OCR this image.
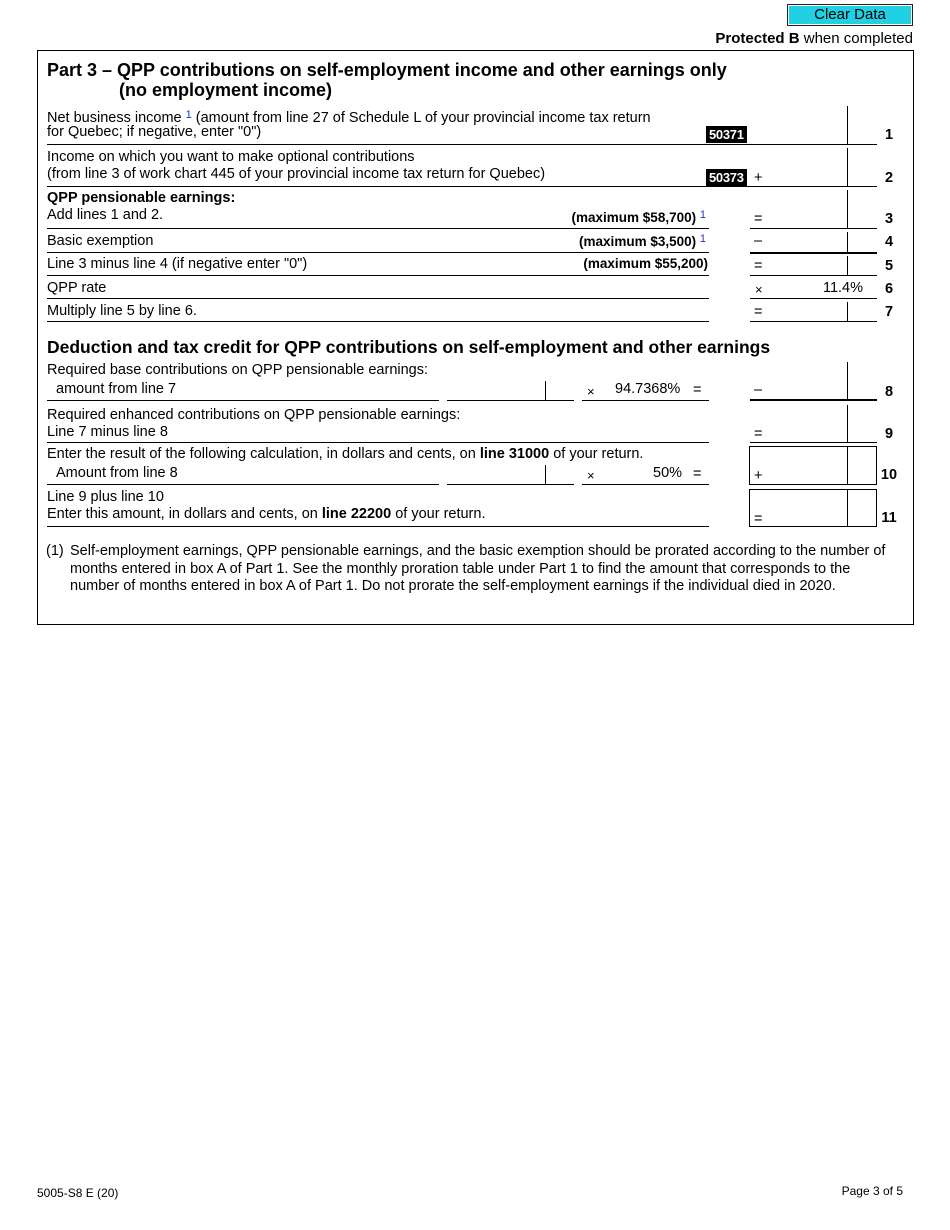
Clear Data
Protected B when completed
Part 3 – QPP contributions on self-employment income and other earnings only
(no employment income)
Net business income $^1$ (amount from line 27 of Schedule L of your provincial income tax return
for Quebec; if negative, enter "0")	50371	1
Income on which you want to make optional contributions
(from line 3 of work chart 445 of your provincial income tax return for Quebec)	50373 +	2
QPP pensionable earnings:
Add lines 1 and 2.	(maximum $58,700) $^1$	=	3
Basic exemption	(maximum $3,500) $^1$	–	4
Line 3 minus line 4 (if negative enter "0")	(maximum $55,200)	=	5
QPP rate	×	11.4%	6
Multiply line 5 by line 6.	=	7
Deduction and tax credit for QPP contributions on self-employment and other earnings
Required base contributions on QPP pensionable earnings:
amount from line 7	× 94.7368% =	–	8
Required enhanced contributions on QPP pensionable earnings:
Line 7 minus line 8	=	9
Enter the result of the following calculation, in dollars and cents, on line 31000 of your return.
Amount from line 8	×	50% =	+	10
Line 9 plus line 10
Enter this amount, in dollars and cents, on line 22200 of your return.	=	11
(1) Self-employment earnings, QPP pensionable earnings, and the basic exemption should be prorated according to the number of months entered in box A of Part 1. See the monthly proration table under Part 1 to find the amount that corresponds to the number of months entered in box A of Part 1. Do not prorate the self-employment earnings if the individual died in 2020.
5005-S8 E (20)	Page 3 of 5
